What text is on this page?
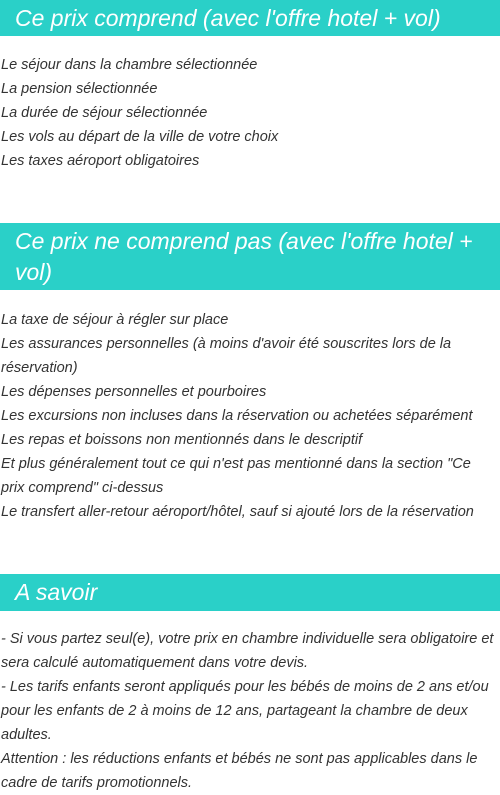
Ce prix comprend (avec l'offre hotel + vol)
Le séjour dans la chambre sélectionnée
La pension sélectionnée
La durée de séjour sélectionnée
Les vols au départ de la ville de votre choix
Les taxes aéroport obligatoires
Ce prix ne comprend pas (avec l'offre hotel + vol)
La taxe de séjour à régler sur place
Les assurances personnelles (à moins d'avoir été souscrites lors de la réservation)
Les dépenses personnelles et pourboires
Les excursions non incluses dans la réservation ou achetées séparément
Les repas et boissons non mentionnés dans le descriptif
Et plus généralement tout ce qui n'est pas mentionné dans la section "Ce prix comprend" ci-dessus
Le transfert aller-retour aéroport/hôtel, sauf si ajouté lors de la réservation
A savoir
- Si vous partez seul(e), votre prix en chambre individuelle sera obligatoire et sera calculé automatiquement dans votre devis.
- Les tarifs enfants seront appliqués pour les bébés de moins de 2 ans et/ou pour les enfants de 2 à moins de 12 ans, partageant la chambre de deux adultes.
Attention : les réductions enfants et bébés ne sont pas applicables dans le cadre de tarifs promotionnels.
